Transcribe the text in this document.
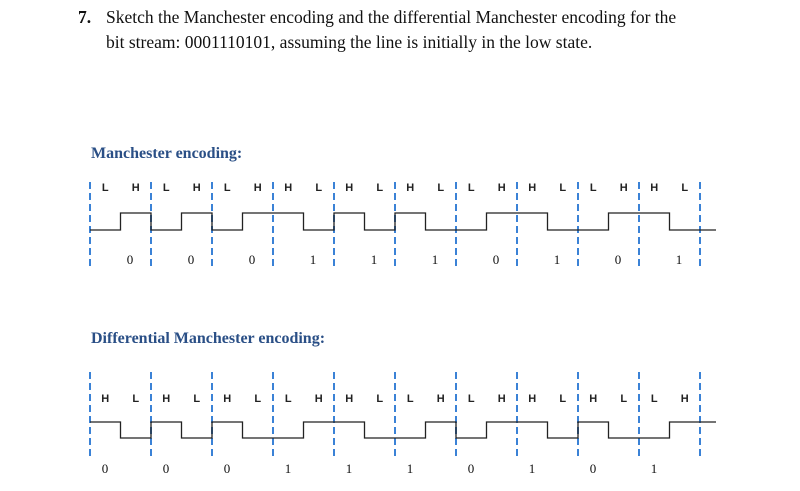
7. Sketch the Manchester encoding and the differential Manchester encoding for the
bit stream: 0001110101, assuming the line is initially in the low state.
Manchester encoding:
Differential Manchester encoding:
L H L H L H H L H L H L L H H L L H H L
0	0	0	1	1	1	0	1	0	1
H L H L H L L H H L L H L H H L H L L H
0	0	0	1	1	1	0	1	0	1
